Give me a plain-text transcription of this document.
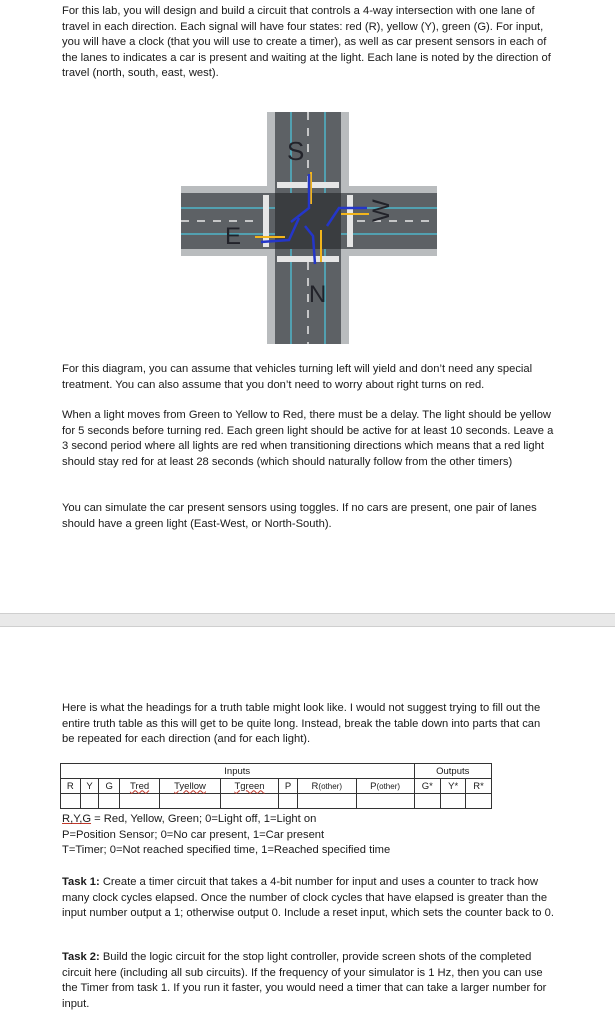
For this lab, you will design and build a circuit that controls a 4-way intersection with one lane of travel in each direction. Each signal will have four states: red (R), yellow (Y), green (G). For input, you will have a clock (that you will use to create a timer), as well as car present sensors in each of the lanes to indicates a car is present and waiting at the light. Each lane is noted by the direction of travel (north, south, east, west).

S
W
E
N

For this diagram, you can assume that vehicles turning left will yield and don’t need any special treatment. You can also assume that you don’t need to worry about right turns on red.

When a light moves from Green to Yellow to Red, there must be a delay. The light should be yellow for 5 seconds before turning red. Each green light should be active for at least 10 seconds. Leave a 3 second period where all lights are red when transitioning directions which means that a red light should stay red for at least 28 seconds (which should naturally follow from the other timers)

You can simulate the car present sensors using toggles. If no cars are present, one pair of lanes should have a green light (East-West, or North-South).

Here is what the headings for a truth table might look like. I would not suggest trying to fill out the entire truth table as this will get to be quite long. Instead, break the table down into parts that can be repeated for each direction (and for each light).

Inputs									Outputs		
R	Y	G	Tred	Tyellow	Tgreen	P	R(other)	P(other)	G*	Y*	R*

R,Y,G = Red, Yellow, Green; 0=Light off, 1=Light on
P=Position Sensor; 0=No car present, 1=Car present
T=Timer; 0=Not reached specified time, 1=Reached specified time

Task 1: Create a timer circuit that takes a 4-bit number for input and uses a counter to track how many clock cycles elapsed. Once the number of clock cycles that have elapsed is greater than the input number output a 1; otherwise output 0. Include a reset input, which sets the counter back to 0.

Task 2: Build the logic circuit for the stop light controller, provide screen shots of the completed circuit here (including all sub circuits). If the frequency of your simulator is 1 Hz, then you can use the Timer from task 1. If you run it faster, you would need a timer that can take a larger number for input.
